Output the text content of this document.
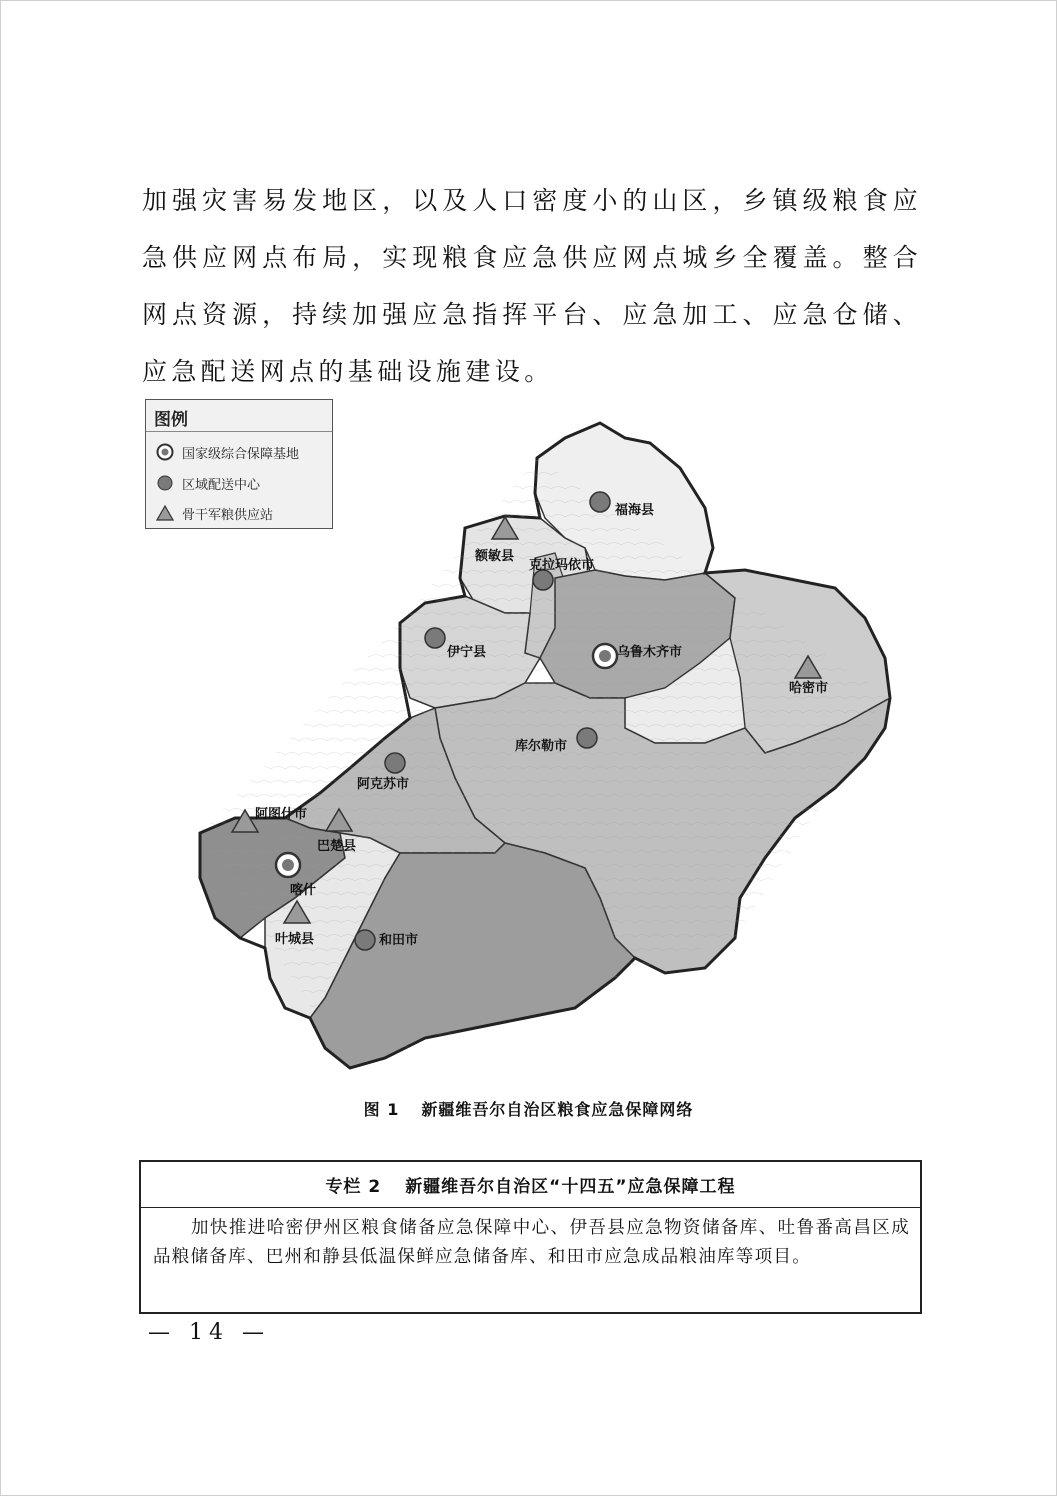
加强灾害易发地区，以及人口密度小的山区，乡镇级粮食应急供应网点布局，实现粮食应急供应网点城乡全覆盖。整合网点资源，持续加强应急指挥平台、应急加工、应急仓储、应急配送网点的基础设施建设。

乌鲁木齐市
喀什
福海县
克拉玛依市
伊宁县
库尔勒市
阿克苏市
和田市
额敏县
哈密市
阿图什市
巴楚县
叶城县
图例
国家级综合保障基地
区域配送中心
骨干军粮供应站
图 1 新疆维吾尔自治区粮食应急保障网络
专栏 2 新疆维吾尔自治区“十四五”应急保障工程
加快推进哈密伊州区粮食储备应急保障中心、伊吾县应急物资储备库、吐鲁番高昌区成品粮储备库、巴州和静县低温保鲜应急储备库、和田市应急成品粮油库等项目。
— 14 —
